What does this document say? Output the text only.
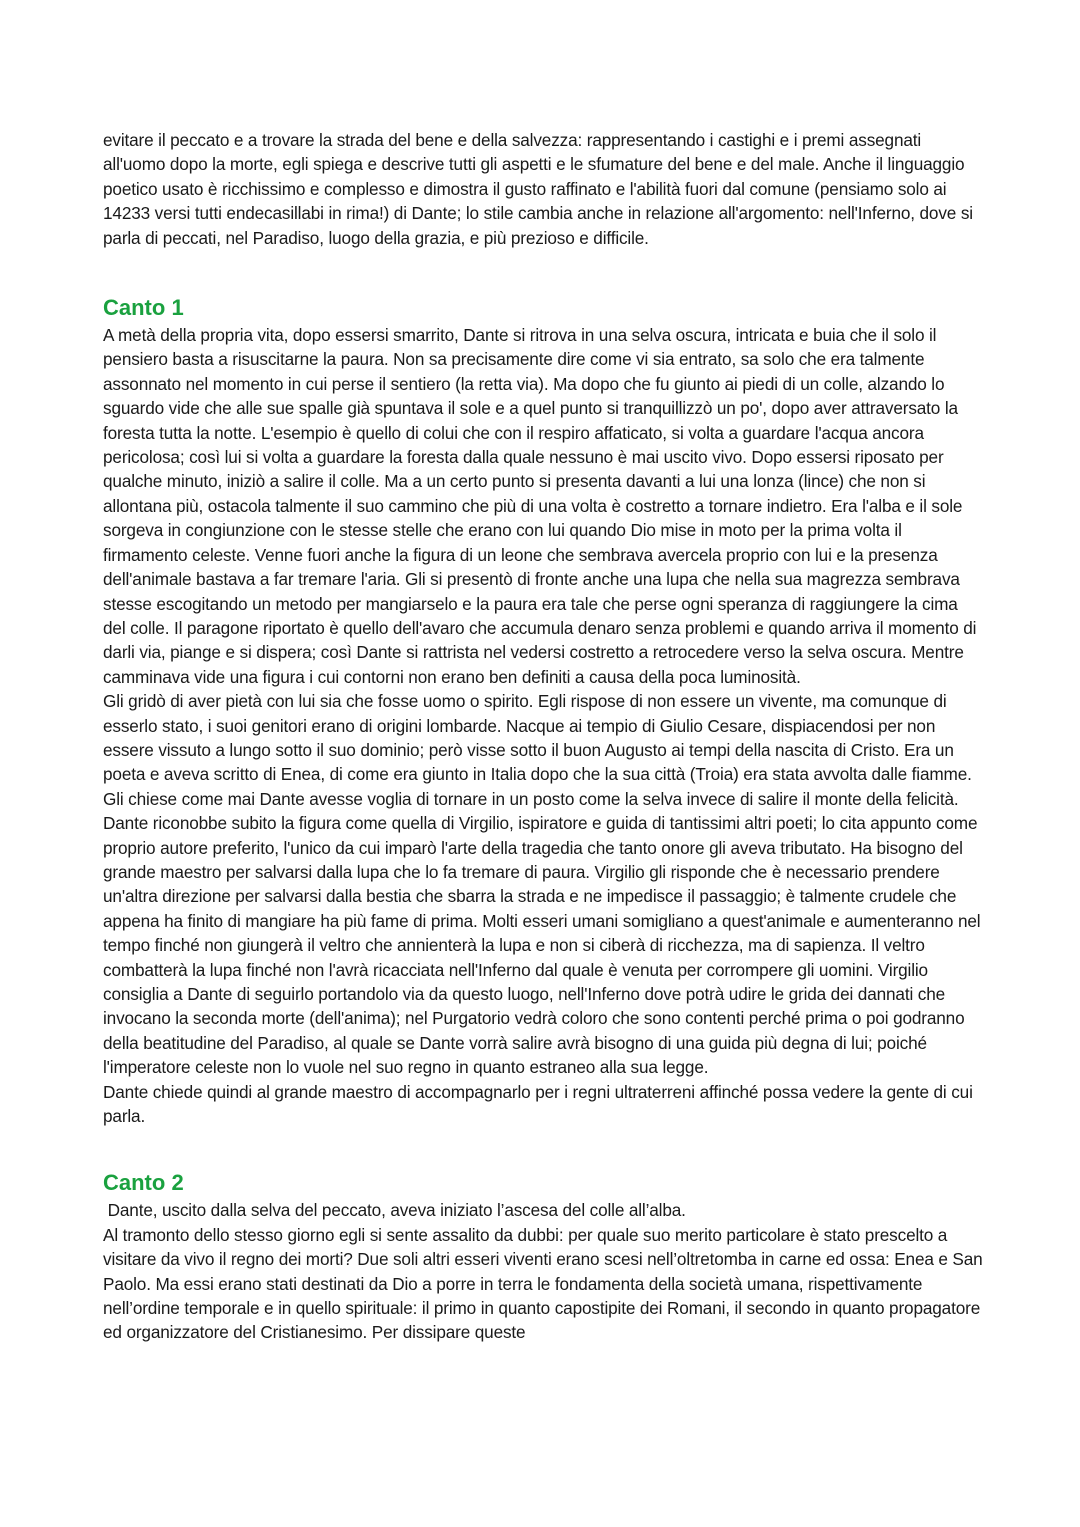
evitare il peccato e a trovare la strada del bene e della salvezza: rappresentando i castighi e i premi assegnati all'uomo dopo la morte, egli spiega e descrive tutti gli aspetti e le sfumature del bene e del male. Anche il linguaggio poetico usato è ricchissimo e complesso e dimostra il gusto raffinato e l'abilità fuori dal comune (pensiamo solo ai 14233 versi tutti endecasillabi in rima!) di Dante; lo stile cambia anche in relazione all'argomento: nell'Inferno, dove si parla di peccati, nel Paradiso, luogo della grazia, e più prezioso e difficile.

Canto 1

A metà della propria vita, dopo essersi smarrito, Dante si ritrova in una selva oscura, intricata e buia che il solo il pensiero basta a risuscitarne la paura. Non sa precisamente dire come vi sia entrato, sa solo che era talmente assonnato nel momento in cui perse il sentiero (la retta via). Ma dopo che fu giunto ai piedi di un colle, alzando lo sguardo vide che alle sue spalle già spuntava il sole e a quel punto si tranquillizzò un po', dopo aver attraversato la foresta tutta la notte. L'esempio è quello di colui che con il respiro affaticato, si volta a guardare l'acqua ancora pericolosa; così lui si volta a guardare la foresta dalla quale nessuno è mai uscito vivo. Dopo essersi riposato per qualche minuto, iniziò a salire il colle. Ma a un certo punto si presenta davanti a lui una lonza (lince) che non si allontana più, ostacola talmente il suo cammino che più di una volta è costretto a tornare indietro. Era l'alba e il sole sorgeva in congiunzione con le stesse stelle che erano con lui quando Dio mise in moto per la prima volta il firmamento celeste. Venne fuori anche la figura di un leone che sembrava avercela proprio con lui e la presenza dell'animale bastava a far tremare l'aria. Gli si presentò di fronte anche una lupa che nella sua magrezza sembrava stesse escogitando un metodo per mangiarselo e la paura era tale che perse ogni speranza di raggiungere la cima del colle. Il paragone riportato è quello dell'avaro che accumula denaro senza problemi e quando arriva il momento di darli via, piange e si dispera; così Dante si rattrista nel vedersi costretto a retrocedere verso la selva oscura. Mentre camminava vide una figura i cui contorni non erano ben definiti a causa della poca luminosità.

Gli gridò di aver pietà con lui sia che fosse uomo o spirito. Egli rispose di non essere un vivente, ma comunque di esserlo stato, i suoi genitori erano di origini lombarde. Nacque ai tempio di Giulio Cesare, dispiacendosi per non essere vissuto a lungo sotto il suo dominio; però visse sotto il buon Augusto ai tempi della nascita di Cristo. Era un poeta e aveva scritto di Enea, di come era giunto in Italia dopo che la sua città (Troia) era stata avvolta dalle fiamme. Gli chiese come mai Dante avesse voglia di tornare in un posto come la selva invece di salire il monte della felicità. Dante riconobbe subito la figura come quella di Virgilio, ispiratore e guida di tantissimi altri poeti; lo cita appunto come proprio autore preferito, l'unico da cui imparò l'arte della tragedia che tanto onore gli aveva tributato. Ha bisogno del grande maestro per salvarsi dalla lupa che lo fa tremare di paura. Virgilio gli risponde che è necessario prendere un'altra direzione per salvarsi dalla bestia che sbarra la strada e ne impedisce il passaggio; è talmente crudele che appena ha finito di mangiare ha più fame di prima. Molti esseri umani somigliano a quest'animale e aumenteranno nel tempo finché non giungerà il veltro che annienterà la lupa e non si ciberà di ricchezza, ma di sapienza. Il veltro combatterà la lupa finché non l'avrà ricacciata nell'Inferno dal quale è venuta per corrompere gli uomini. Virgilio consiglia a Dante di seguirlo portandolo via da questo luogo, nell'Inferno dove potrà udire le grida dei dannati che invocano la seconda morte (dell'anima); nel Purgatorio vedrà coloro che sono contenti perché prima o poi godranno della beatitudine del Paradiso, al quale se Dante vorrà salire avrà bisogno di una guida più degna di lui; poiché l'imperatore celeste non lo vuole nel suo regno in quanto estraneo alla sua legge.

Dante chiede quindi al grande maestro di accompagnarlo per i regni ultraterreni affinché possa vedere la gente di cui parla.

Canto 2

Dante, uscito dalla selva del peccato, aveva iniziato l’ascesa del colle all’alba.

Al tramonto dello stesso giorno egli si sente assalito da dubbi: per quale suo merito particolare è stato prescelto a visitare da vivo il regno dei morti? Due soli altri esseri viventi erano scesi nell’oltretomba in carne ed ossa: Enea e San Paolo. Ma essi erano stati destinati da Dio a porre in terra le fondamenta della società umana, rispettivamente nell’ordine temporale e in quello spirituale: il primo in quanto capostipite dei Romani, il secondo in quanto propagatore ed organizzatore del Cristianesimo. Per dissipare queste
